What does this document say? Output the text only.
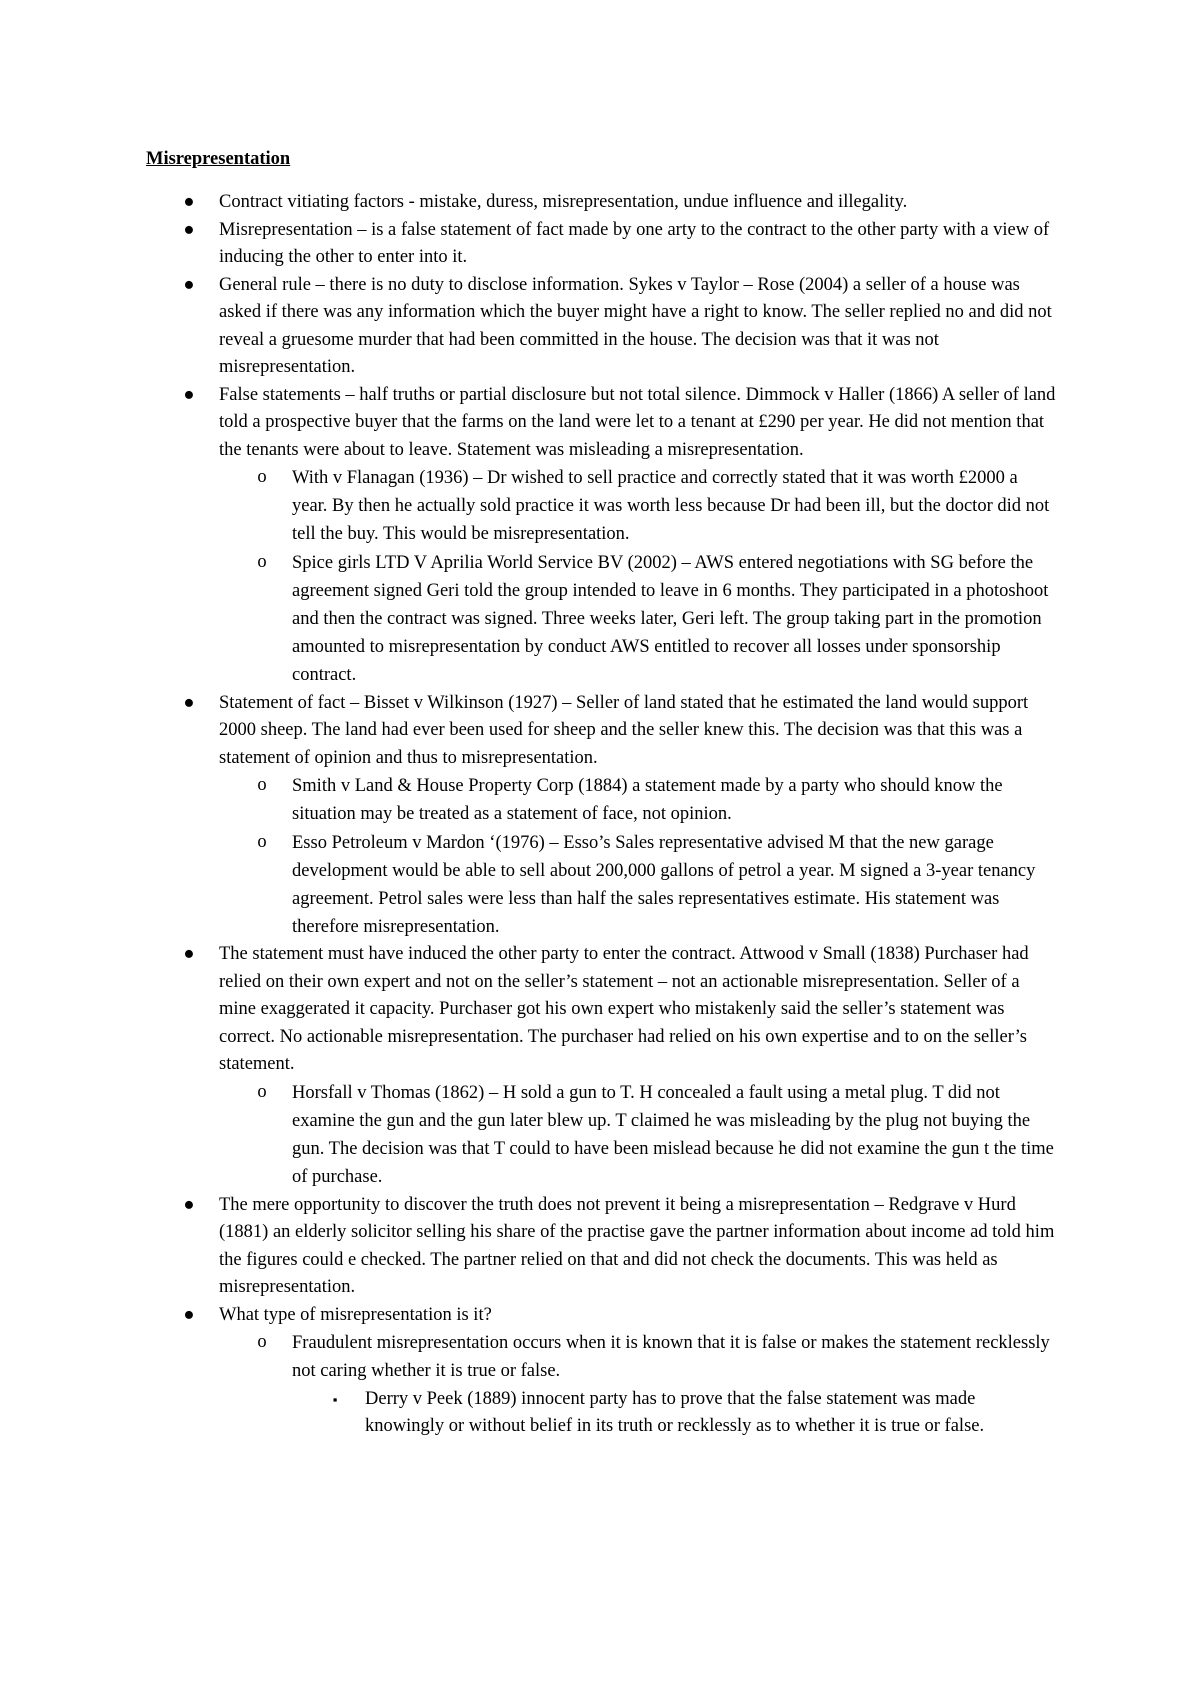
Misrepresentation
● Contract vitiating factors - mistake, duress, misrepresentation, undue influence and illegality.
● Misrepresentation – is a false statement of fact made by one arty to the contract to the other party with a view of inducing the other to enter into it.
● General rule – there is no duty to disclose information. Sykes v Taylor – Rose (2004) a seller of a house was asked if there was any information which the buyer might have a right to know. The seller replied no and did not reveal a gruesome murder that had been committed in the house. The decision was that it was not misrepresentation.
● False statements – half truths or partial disclosure but not total silence. Dimmock v Haller (1866) A seller of land told a prospective buyer that the farms on the land were let to a tenant at £290 per year. He did not mention that the tenants were about to leave. Statement was misleading a misrepresentation.
o With v Flanagan (1936) – Dr wished to sell practice and correctly stated that it was worth £2000 a year. By then he actually sold practice it was worth less because Dr had been ill, but the doctor did not tell the buy. This would be misrepresentation.
o Spice girls LTD V Aprilia World Service BV (2002) – AWS entered negotiations with SG before the agreement signed Geri told the group intended to leave in 6 months. They participated in a photoshoot and then the contract was signed. Three weeks later, Geri left. The group taking part in the promotion amounted to misrepresentation by conduct AWS entitled to recover all losses under sponsorship contract.
● Statement of fact – Bisset v Wilkinson (1927) – Seller of land stated that he estimated the land would support 2000 sheep. The land had ever been used for sheep and the seller knew this. The decision was that this was a statement of opinion and thus to misrepresentation.
o Smith v Land & House Property Corp (1884) a statement made by a party who should know the situation may be treated as a statement of face, not opinion.
o Esso Petroleum v Mardon ‘(1976) – Esso’s Sales representative advised M that the new garage development would be able to sell about 200,000 gallons of petrol a year. M signed a 3-year tenancy agreement. Petrol sales were less than half the sales representatives estimate. His statement was therefore misrepresentation.
● The statement must have induced the other party to enter the contract. Attwood v Small (1838) Purchaser had relied on their own expert and not on the seller’s statement – not an actionable misrepresentation. Seller of a mine exaggerated it capacity. Purchaser got his own expert who mistakenly said the seller’s statement was correct. No actionable misrepresentation. The purchaser had relied on his own expertise and to on the seller’s statement.
o Horsfall v Thomas (1862) – H sold a gun to T. H concealed a fault using a metal plug. T did not examine the gun and the gun later blew up. T claimed he was misleading by the plug not buying the gun. The decision was that T could to have been mislead because he did not examine the gun t the time of purchase.
● The mere opportunity to discover the truth does not prevent it being a misrepresentation – Redgrave v Hurd (1881) an elderly solicitor selling his share of the practise gave the partner information about income ad told him the figures could e checked. The partner relied on that and did not check the documents. This was held as misrepresentation.
● What type of misrepresentation is it?
o Fraudulent misrepresentation occurs when it is known that it is false or makes the statement recklessly not caring whether it is true or false.
▪ Derry v Peek (1889) innocent party has to prove that the false statement was made knowingly or without belief in its truth or recklessly as to whether it is true or false.
